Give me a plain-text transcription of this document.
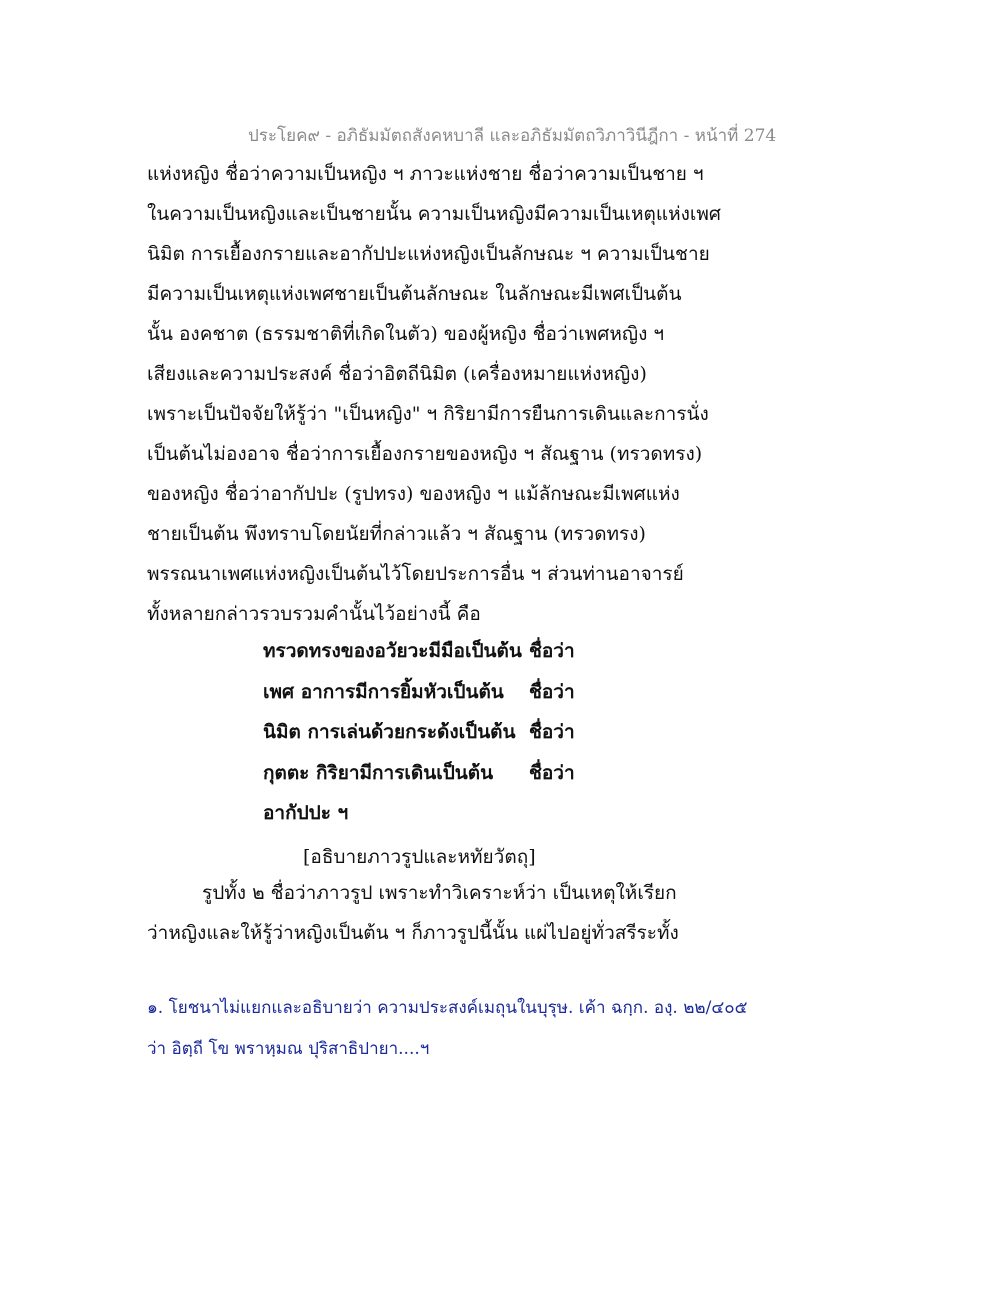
ประโยค๙ - อภิธัมมัตถสังคหบาลี และอภิธัมมัตถวิภาวินีฎีกา - หน้าที่ 274
แห่งหญิง ชื่อว่าความเป็นหญิง ฯ ภาวะแห่งชาย ชื่อว่าความเป็นชาย ฯ
ในความเป็นหญิงและเป็นชายนั้น ความเป็นหญิงมีความเป็นเหตุแห่งเพศ
นิมิต การเยื้องกรายและอากัปปะแห่งหญิงเป็นลักษณะ ฯ ความเป็นชาย
มีความเป็นเหตุแห่งเพศชายเป็นต้นลักษณะ ในลักษณะมีเพศเป็นต้น
นั้น องคชาต (ธรรมชาติที่เกิดในตัว) ของผู้หญิง ชื่อว่าเพศหญิง ฯ
เสียงและความประสงค์ ชื่อว่าอิตถีนิมิต (เครื่องหมายแห่งหญิง)
เพราะเป็นปัจจัยให้รู้ว่า "เป็นหญิง" ฯ กิริยามีการยืนการเดินและการนั่ง
เป็นต้นไม่องอาจ ชื่อว่าการเยื้องกรายของหญิง ฯ สัณฐาน (ทรวดทรง)
ของหญิง ชื่อว่าอากัปปะ (รูปทรง) ของหญิง ฯ แม้ลักษณะมีเพศแห่ง
ชายเป็นต้น พึงทราบโดยนัยที่กล่าวแล้ว ฯ สัณฐาน (ทรวดทรง)
พรรณนาเพศแห่งหญิงเป็นต้นไว้โดยประการอื่น ฯ ส่วนท่านอาจารย์
ทั้งหลายกล่าวรวบรวมคำนั้นไว้อย่างนี้ คือ
ทรวดทรงของอวัยวะมีมือเป็นต้น ชื่อว่า
เพศ อาการมีการยิ้มหัวเป็นต้น ชื่อว่า
นิมิต การเล่นด้วยกระด้งเป็นต้น ชื่อว่า
กุตตะ กิริยามีการเดินเป็นต้น ชื่อว่า
อากัปปะ ฯ
[อธิบายภาวรูปและหทัยวัตถุ]
รูปทั้ง ๒ ชื่อว่าภาวรูป เพราะทำวิเคราะห์ว่า เป็นเหตุให้เรียก
ว่าหญิงและให้รู้ว่าหญิงเป็นต้น ฯ ก็ภาวรูปนี้นั้น แผ่ไปอยู่ทั่วสรีระทั้ง
๑. โยชนาไม่แยกและอธิบายว่า ความประสงค์เมถุนในบุรุษ. เค้า ฉกฺก. องฺ. ๒๒/๔๐๕
ว่า อิตฺถี โข พราหฺมณ ปุริสาธิปายา....ฯ
